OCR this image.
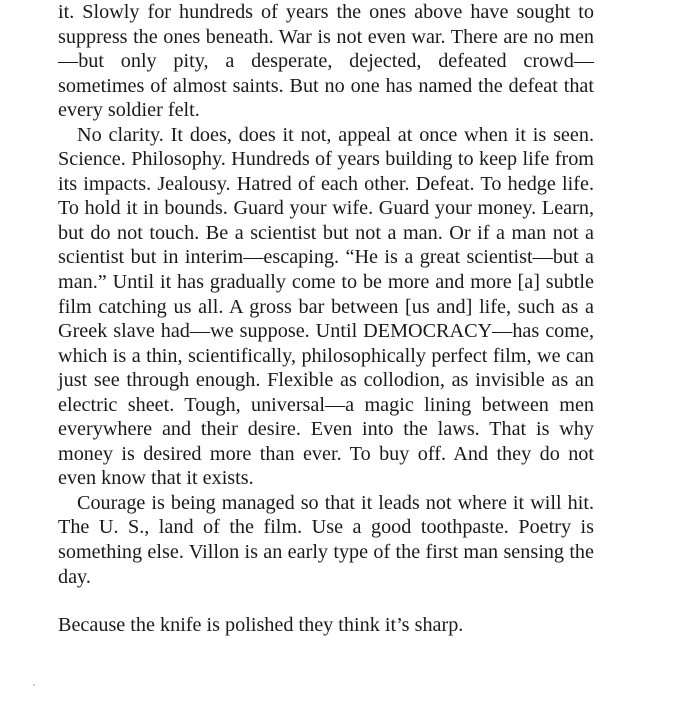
it. Slowly for hundreds of years the ones above have sought to suppress the ones beneath. War is not even war. There are no men—but only pity, a desperate, dejected, defeated crowd—sometimes of almost saints. But no one has named the defeat that every soldier felt.

No clarity. It does, does it not, appeal at once when it is seen. Science. Philosophy. Hundreds of years building to keep life from its impacts. Jealousy. Hatred of each other. Defeat. To hedge life. To hold it in bounds. Guard your wife. Guard your money. Learn, but do not touch. Be a scientist but not a man. Or if a man not a scientist but in interim—escaping. “He is a great scientist—but a man.” Until it has gradually come to be more and more [a] subtle film catching us all. A gross bar between [us and] life, such as a Greek slave had—we suppose. Until DEMOCRACY—has come, which is a thin, scientifically, philosophically perfect film, we can just see through enough. Flexible as collodion, as invisible as an electric sheet. Tough, universal—a magic lining between men everywhere and their desire. Even into the laws. That is why money is desired more than ever. To buy off. And they do not even know that it exists.

Courage is being managed so that it leads not where it will hit. The U. S., land of the film. Use a good toothpaste. Poetry is something else. Villon is an early type of the first man sensing the day.

Because the knife is polished they think it’s sharp.
